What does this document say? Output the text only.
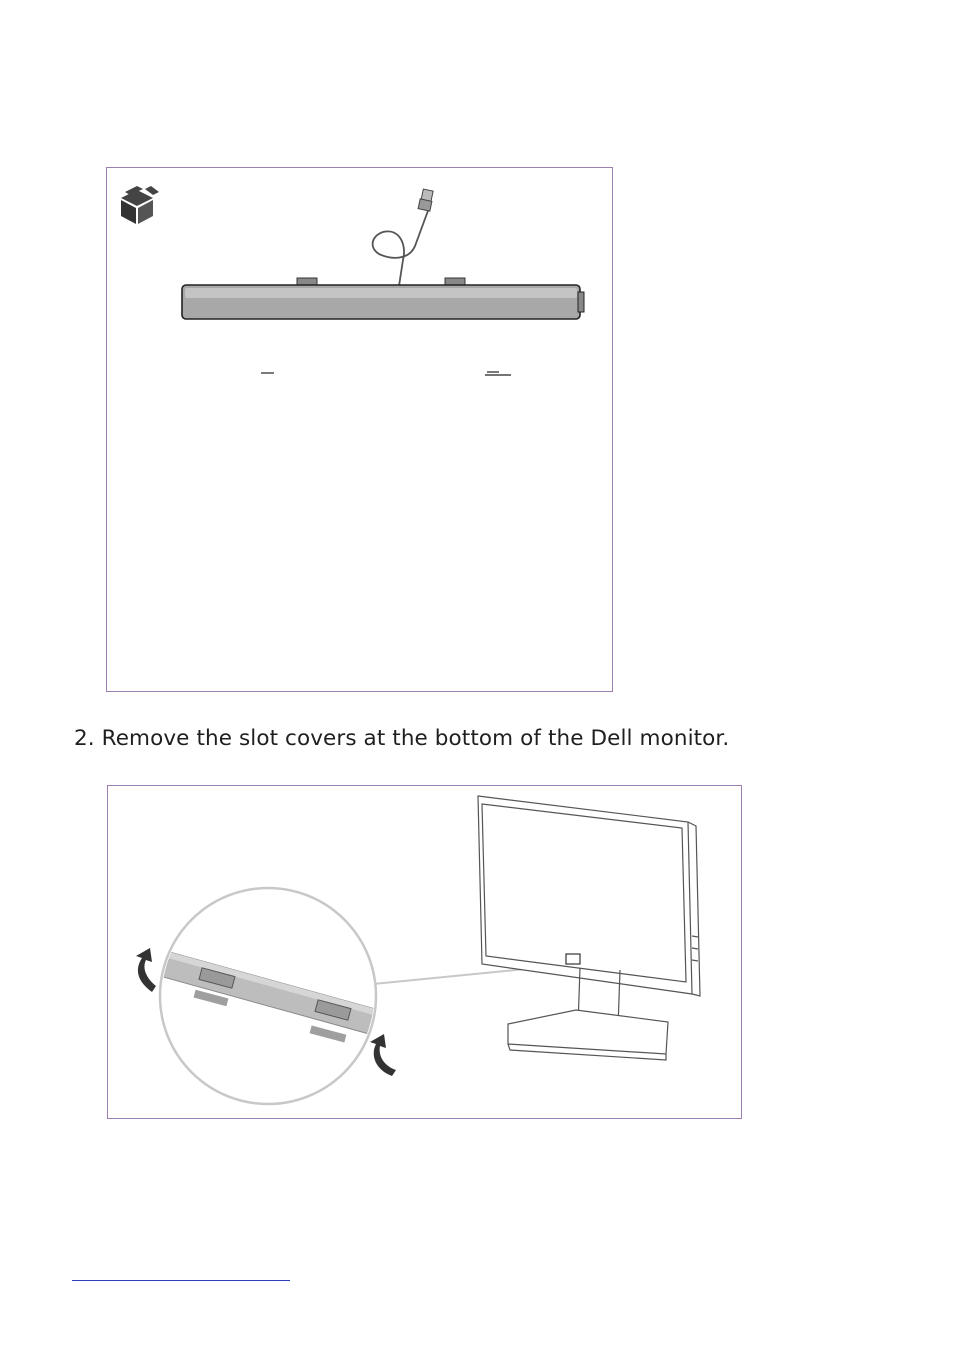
2. Remove the slot covers at the bottom of the Dell monitor.
